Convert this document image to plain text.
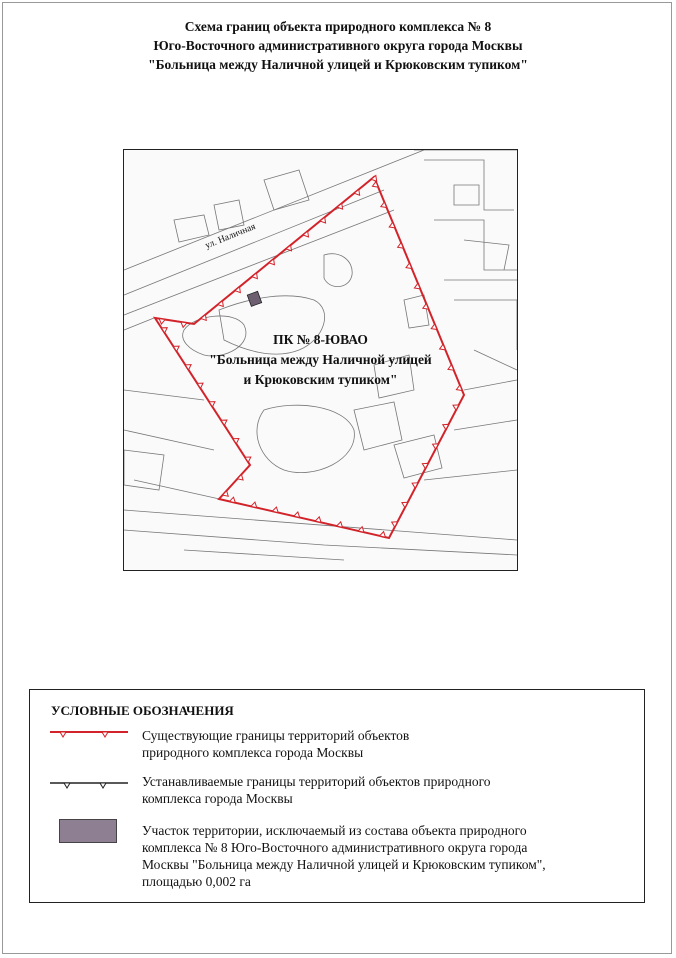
Схема границ объекта природного комплекса № 8
Юго-Восточного административного округа города Москвы
"Больница между Наличной улицей и Крюковским тупиком"
ул. Наличная
ПК № 8-ЮВАО
"Больница между Наличной улицей
и Крюковским тупиком"
УСЛОВНЫЕ ОБОЗНАЧЕНИЯ
Существующие границы территорий объектов
природного комплекса города Москвы
Устанавливаемые границы территорий объектов природного
комплекса города Москвы
Участок территории, исключаемый из состава объекта природного
комплекса № 8 Юго-Восточного административного округа города
Москвы "Больница между Наличной улицей и Крюковским тупиком",
площадью 0,002 га
